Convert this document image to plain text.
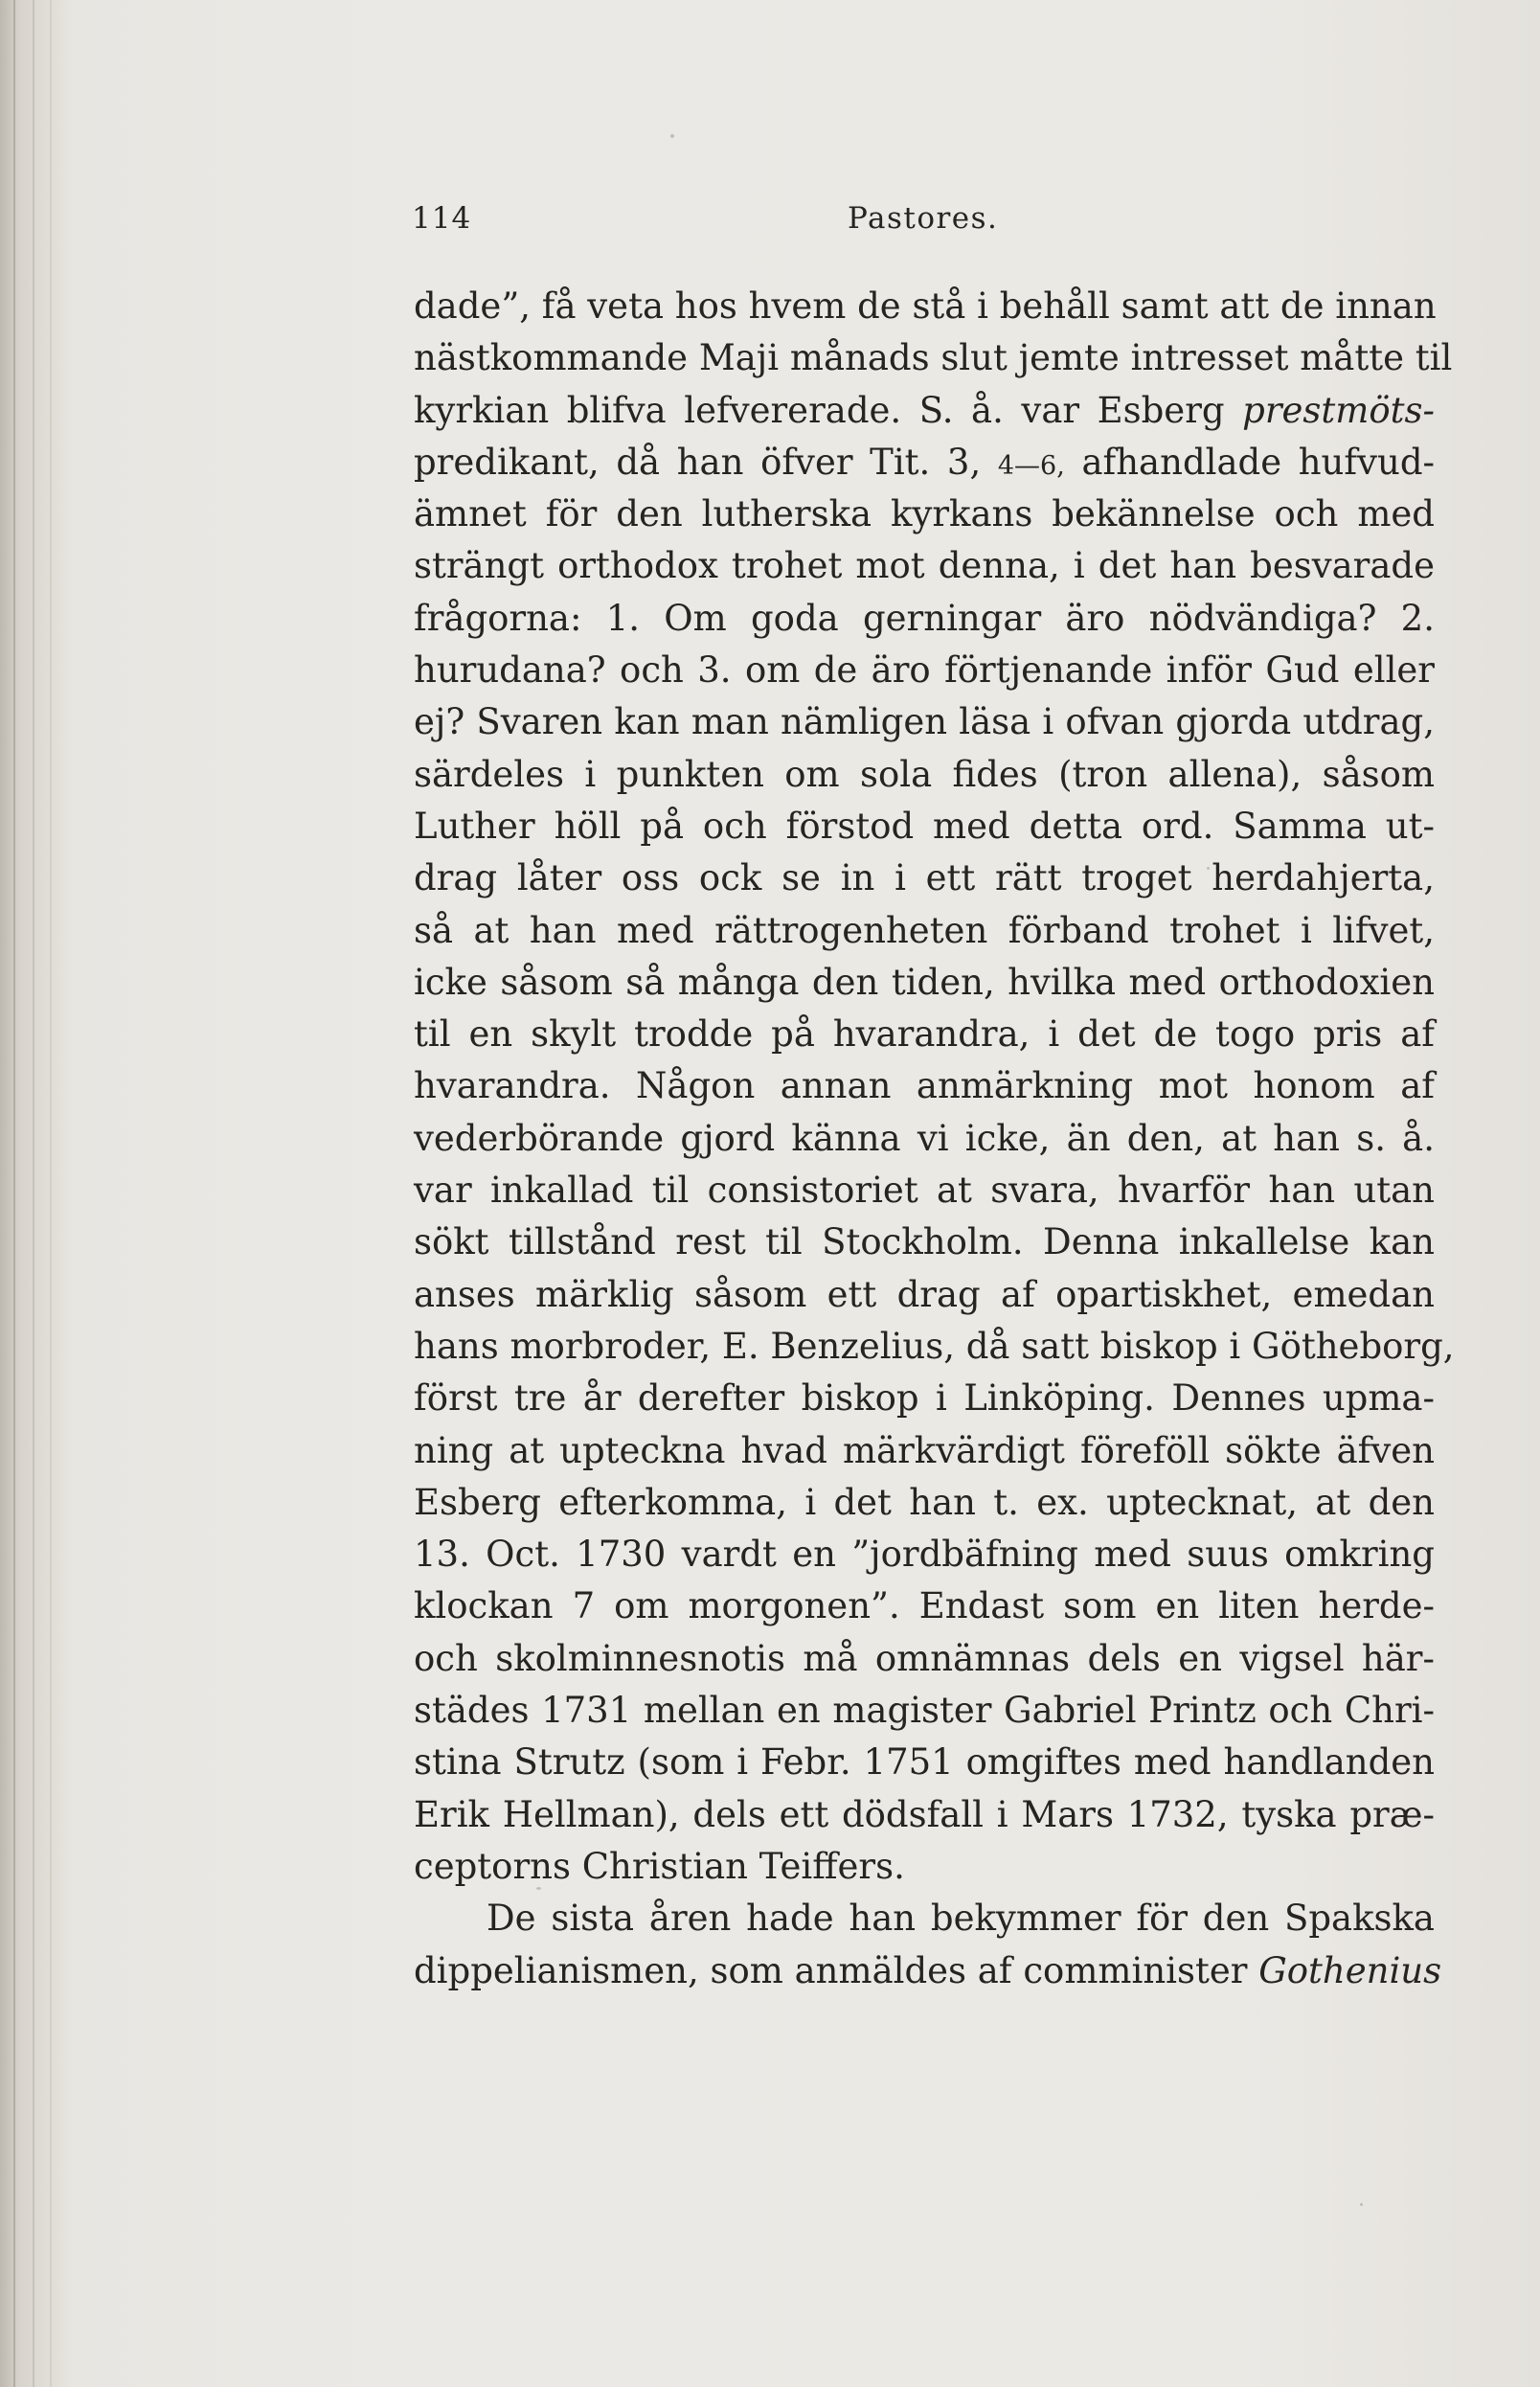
114	Pastores.
dade”, få veta hos hvem de stå i behåll samt att de innan
nästkommande Maji månads slut jemte intresset måtte til
kyrkian blifva lefvererade. S. å. var Esberg prestmöts-
predikant, då han öfver Tit. 3, 4—6, afhandlade hufvud-
ämnet för den lutherska kyrkans bekännelse och med
strängt orthodox trohet mot denna, i det han besvarade
frågorna: 1. Om goda gerningar äro nödvändiga? 2.
hurudana? och 3. om de äro förtjenande inför Gud eller
ej? Svaren kan man nämligen läsa i ofvan gjorda utdrag,
särdeles i punkten om sola fides (tron allena), såsom
Luther höll på och förstod med detta ord. Samma ut-
drag låter oss ock se in i ett rätt troget herdahjerta,
så at han med rättrogenheten förband trohet i lifvet,
icke såsom så många den tiden, hvilka med orthodoxien
til en skylt trodde på hvarandra, i det de togo pris af
hvarandra. Någon annan anmärkning mot honom af
vederbörande gjord känna vi icke, än den, at han s. å.
var inkallad til consistoriet at svara, hvarför han utan
sökt tillstånd rest til Stockholm. Denna inkallelse kan
anses märklig såsom ett drag af opartiskhet, emedan
hans morbroder, E. Benzelius, då satt biskop i Götheborg,
först tre år derefter biskop i Linköping. Dennes upma-
ning at upteckna hvad märkvärdigt föreföll sökte äfven
Esberg efterkomma, i det han t. ex. uptecknat, at den
13. Oct. 1730 vardt en ”jordbäfning med suus omkring
klockan 7 om morgonen”. Endast som en liten herde-
och skolminnesnotis må omnämnas dels en vigsel här-
städes 1731 mellan en magister Gabriel Printz och Chri-
stina Strutz (som i Febr. 1751 omgiftes med handlanden
Erik Hellman), dels ett dödsfall i Mars 1732, tyska præ-
ceptorns Christian Teiffers.
De sista åren hade han bekymmer för den Spakska
dippelianismen, som anmäldes af comminister Gothenius
